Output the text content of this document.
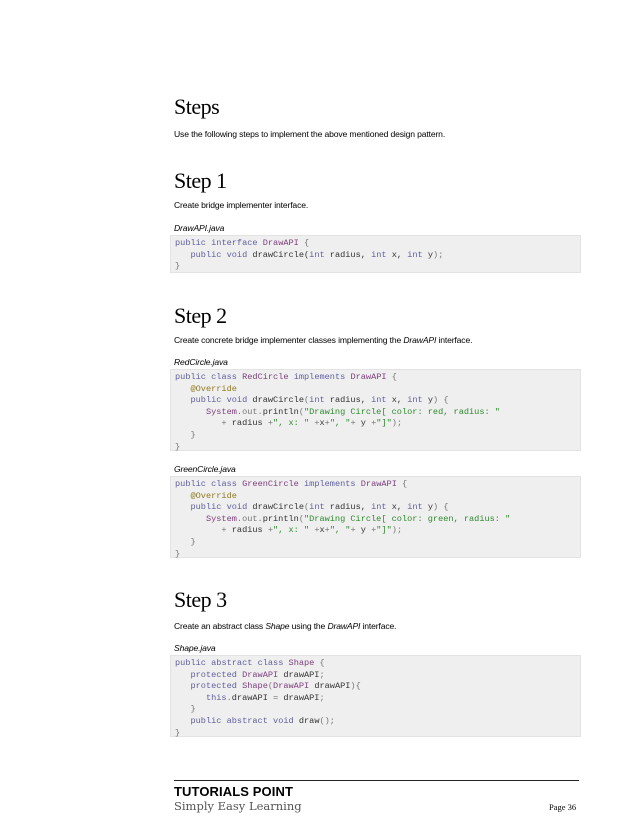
Steps

Use the following steps to implement the above mentioned design pattern.

Step 1

Create bridge implementer interface.

DrawAPI.java

public interface DrawAPI {
public void drawCircle(int radius, int x, int y);
}
Step 2

Create concrete bridge implementer classes implementing the DrawAPI interface.

RedCircle.java

public class RedCircle implements DrawAPI {
@Override
public void drawCircle(int radius, int x, int y) {
System.out.println("Drawing Circle[ color: red, radius: "
+ radius +", x: " +x+", "+ y +"]");
}
}

GreenCircle.java

public class GreenCircle implements DrawAPI {
@Override
public void drawCircle(int radius, int x, int y) {
System.out.println("Drawing Circle[ color: green, radius: "
+ radius +", x: " +x+", "+ y +"]");
}
}
Step 3

Create an abstract class Shape using the DrawAPI interface.

Shape.java

public abstract class Shape {
protected DrawAPI drawAPI;
protected Shape(DrawAPI drawAPI){
this.drawAPI = drawAPI;
}
public abstract void draw();
}
TUTORIALS POINT
Simply Easy Learning	Page 36
